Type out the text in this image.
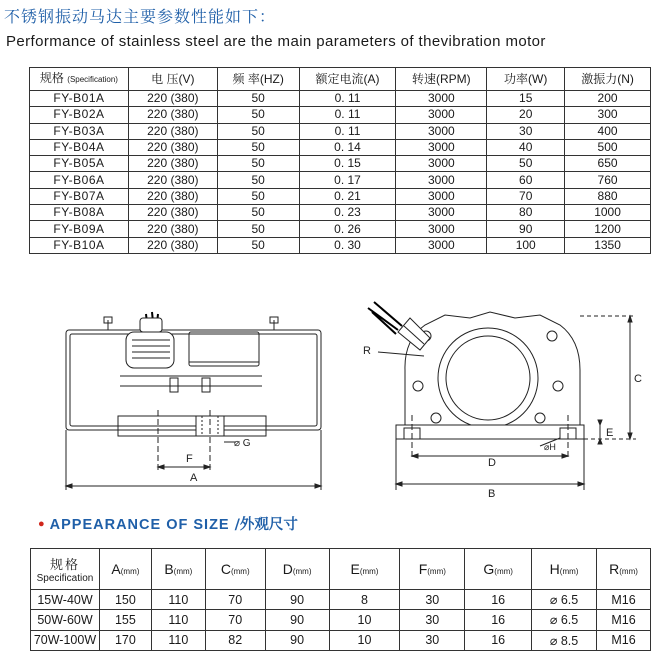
不锈钢振动马达主要参数性能如下：
Performance of stainless steel are the main parameters of thevibration motor
规格 (Specification)	电 压(V)	频 率(HZ)	额定电流(A)	转速(RPM)	功率(W)	激振力(N)
FY-B01A	220 (380)	50	0. 11	3000	15	200
FY-B02A	220 (380)	50	0. 11	3000	20	300
FY-B03A	220 (380)	50	0. 11	3000	30	400
FY-B04A	220 (380)	50	0. 14	3000	40	500
FY-B05A	220 (380)	50	0. 15	3000	50	650
FY-B06A	220 (380)	50	0. 17	3000	60	760
FY-B07A	220 (380)	50	0. 21	3000	70	880
FY-B08A	220 (380)	50	0. 23	3000	80	1000
FY-B09A	220 (380)	50	0. 26	3000	90	1200
FY-B10A	220 (380)	50	0. 30	3000	100	1350
F
A
⌀ G
R
D
B
C
E
⌀H
● APPEARANCE OF SIZE /外观尺寸
规格
Specification	A(mm)	B(mm)	C(mm)	D(mm)	E(mm)	F(mm)	G(mm)	H(mm)	R(mm)
15W-40W	150	110	70	90	8	30	16	⌀ 6.5	M16
50W-60W	155	110	70	90	10	30	16	⌀ 6.5	M16
70W-100W	170	110	82	90	10	30	16	⌀ 8.5	M16
